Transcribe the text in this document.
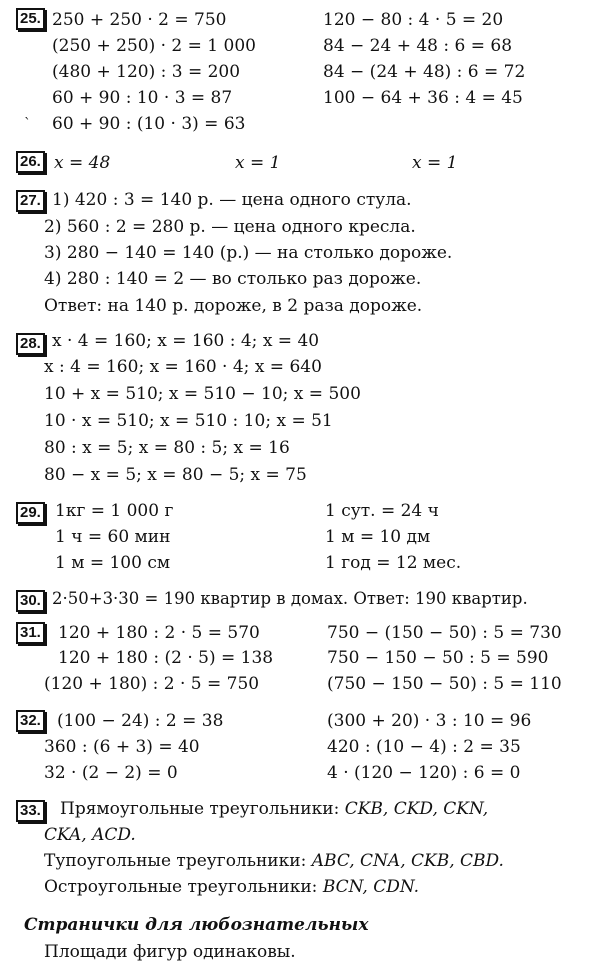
25. 250 + 250 · 2 = 750
(250 + 250) · 2 = 1 000
(480 + 120) : 3 = 200
60 + 90 : 10 · 3 = 87
ˋ 60 + 90 : (10 · 3) = 63
120 − 80 : 4 · 5 = 20
84 − 24 + 48 : 6 = 68
84 − (24 + 48) : 6 = 72
100 − 64 + 36 : 4 = 45
26. x = 48	x = 1	x = 1
27. 1) 420 : 3 = 140 р. — цена одного стула.
2) 560 : 2 = 280 р. — цена одного кресла.
3) 280 − 140 = 140 (р.) — на столько дороже.
4) 280 : 140 = 2 — во столько раз дороже.
Ответ: на 140 р. дороже, в 2 раза дороже.
28. x · 4 = 160; x = 160 : 4; x = 40
x : 4 = 160; x = 160 · 4; x = 640
10 + x = 510; x = 510 − 10; x = 500
10 · x = 510; x = 510 : 10; x = 51
80 : x = 5; x = 80 : 5; x = 16
80 − x = 5; x = 80 − 5; x = 75
29. 1кг = 1 000 г
1 ч = 60 мин
1 м = 100 см
1 сут. = 24 ч
1 м = 10 дм
1 год = 12 мес.
30. 2·50+3·30 = 190 квартир в домах. Ответ: 190 квартир.
31. 120 + 180 : 2 · 5 = 570
120 + 180 : (2 · 5) = 138
(120 + 180) : 2 · 5 = 750
750 − (150 − 50) : 5 = 730
750 − 150 − 50 : 5 = 590
(750 − 150 − 50) : 5 = 110
32. (100 − 24) : 2 = 38
360 : (6 + 3) = 40
32 · (2 − 2) = 0
(300 + 20) · 3 : 10 = 96
420 : (10 − 4) : 2 = 35
4 · (120 − 120) : 6 = 0
33. Прямоугольные треугольники: CKB, CKD, CKN,
CKA, ACD.
Тупоугольные треугольники: ABC, CNA, CKB, CBD.
Остроугольные треугольники: BCN, CDN.
Странички для любознательных
Площади фигур одинаковы.
